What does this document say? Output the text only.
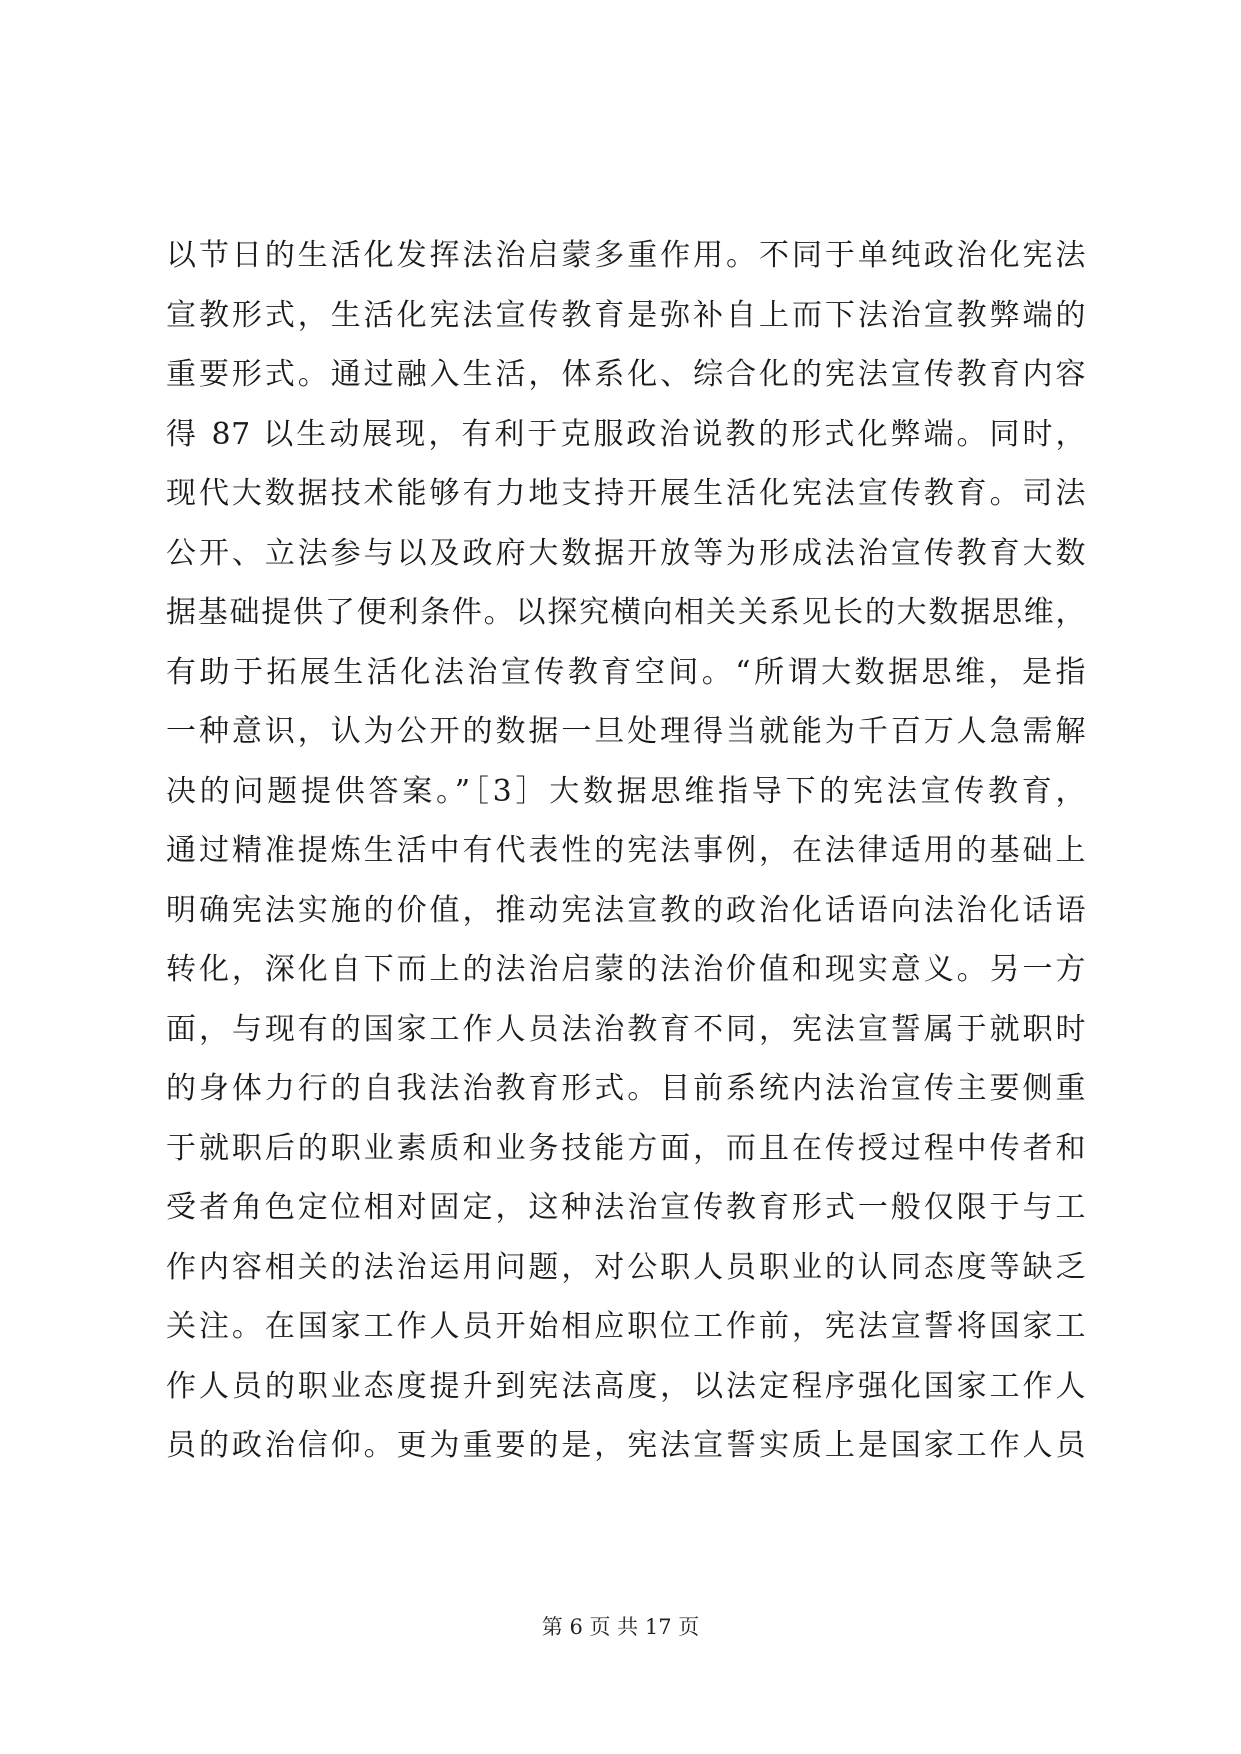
以节日的生活化发挥法治启蒙多重作用。不同于单纯政治化宪法
宣教形式，生活化宪法宣传教育是弥补自上而下法治宣教弊端的
重要形式。通过融入生活，体系化、综合化的宪法宣传教育内容
得 87 以生动展现，有利于克服政治说教的形式化弊端。同时，
现代大数据技术能够有力地支持开展生活化宪法宣传教育。司法
公开、立法参与以及政府大数据开放等为形成法治宣传教育大数
据基础提供了便利条件。以探究横向相关关系见长的大数据思维，
有助于拓展生活化法治宣传教育空间。“所谓大数据思维，是指
一种意识，认为公开的数据一旦处理得当就能为千百万人急需解
决的问题提供答案。”［3］大数据思维指导下的宪法宣传教育，
通过精准提炼生活中有代表性的宪法事例，在法律适用的基础上
明确宪法实施的价值，推动宪法宣教的政治化话语向法治化话语
转化，深化自下而上的法治启蒙的法治价值和现实意义。另一方
面，与现有的国家工作人员法治教育不同，宪法宣誓属于就职时
的身体力行的自我法治教育形式。目前系统内法治宣传主要侧重
于就职后的职业素质和业务技能方面，而且在传授过程中传者和
受者角色定位相对固定，这种法治宣传教育形式一般仅限于与工
作内容相关的法治运用问题，对公职人员职业的认同态度等缺乏
关注。在国家工作人员开始相应职位工作前，宪法宣誓将国家工
作人员的职业态度提升到宪法高度，以法定程序强化国家工作人
员的政治信仰。更为重要的是，宪法宣誓实质上是国家工作人员
第 6 页 共 17 页
